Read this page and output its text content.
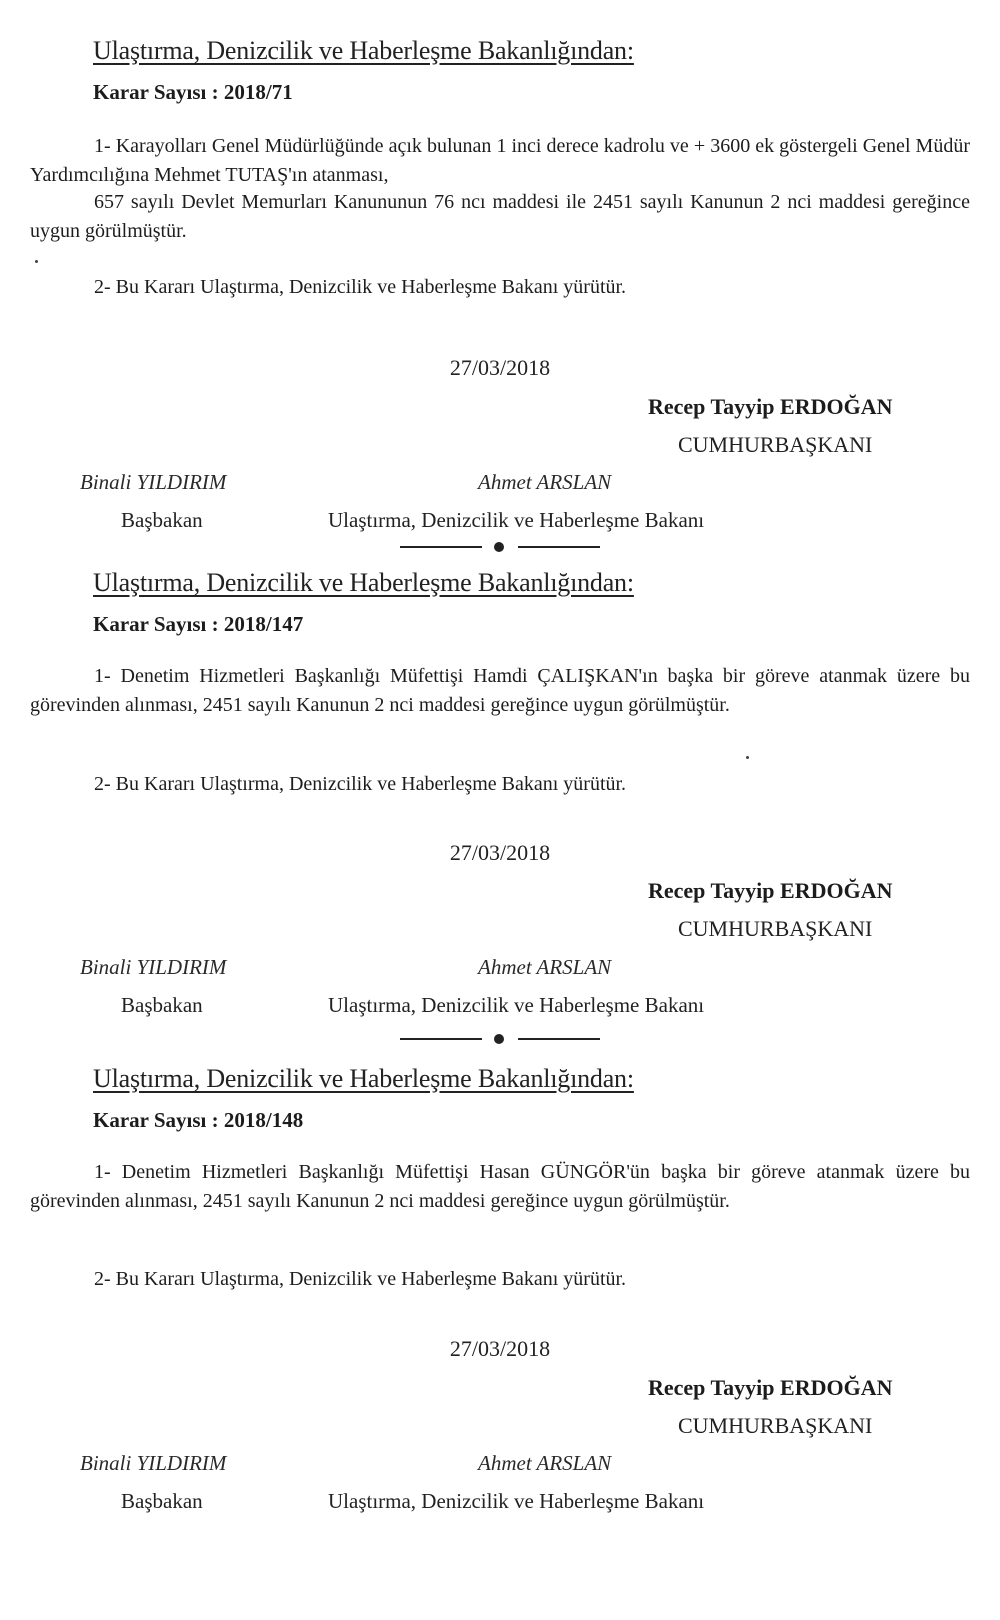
Ulaştırma, Denizcilik ve Haberleşme Bakanlığından:
Karar Sayısı : 2018/71
1- Karayolları Genel Müdürlüğünde açık bulunan 1 inci derece kadrolu ve + 3600 ek göstergeli Genel Müdür Yardımcılığına Mehmet TUTAŞ'ın atanması,
657 sayılı Devlet Memurları Kanununun 76 ncı maddesi ile 2451 sayılı Kanunun 2 nci maddesi gereğince uygun görülmüştür.
2- Bu Kararı Ulaştırma, Denizcilik ve Haberleşme Bakanı yürütür.
27/03/2018
Recep Tayyip ERDOĞAN
CUMHURBAŞKANI
Binali YILDIRIM	Ahmet ARSLAN
Başbakan	Ulaştırma, Denizcilik ve Haberleşme Bakanı
Ulaştırma, Denizcilik ve Haberleşme Bakanlığından:
Karar Sayısı : 2018/147
1- Denetim Hizmetleri Başkanlığı Müfettişi Hamdi ÇALIŞKAN'ın başka bir göreve atanmak üzere bu görevinden alınması, 2451 sayılı Kanunun 2 nci maddesi gereğince uygun görülmüştür.
2- Bu Kararı Ulaştırma, Denizcilik ve Haberleşme Bakanı yürütür.
27/03/2018
Recep Tayyip ERDOĞAN
CUMHURBAŞKANI
Binali YILDIRIM	Ahmet ARSLAN
Başbakan	Ulaştırma, Denizcilik ve Haberleşme Bakanı
Ulaştırma, Denizcilik ve Haberleşme Bakanlığından:
Karar Sayısı : 2018/148
1- Denetim Hizmetleri Başkanlığı Müfettişi Hasan GÜNGÖR'ün başka bir göreve atanmak üzere bu görevinden alınması, 2451 sayılı Kanunun 2 nci maddesi gereğince uygun görülmüştür.
2- Bu Kararı Ulaştırma, Denizcilik ve Haberleşme Bakanı yürütür.
27/03/2018
Recep Tayyip ERDOĞAN
CUMHURBAŞKANI
Binali YILDIRIM	Ahmet ARSLAN
Başbakan	Ulaştırma, Denizcilik ve Haberleşme Bakanı
